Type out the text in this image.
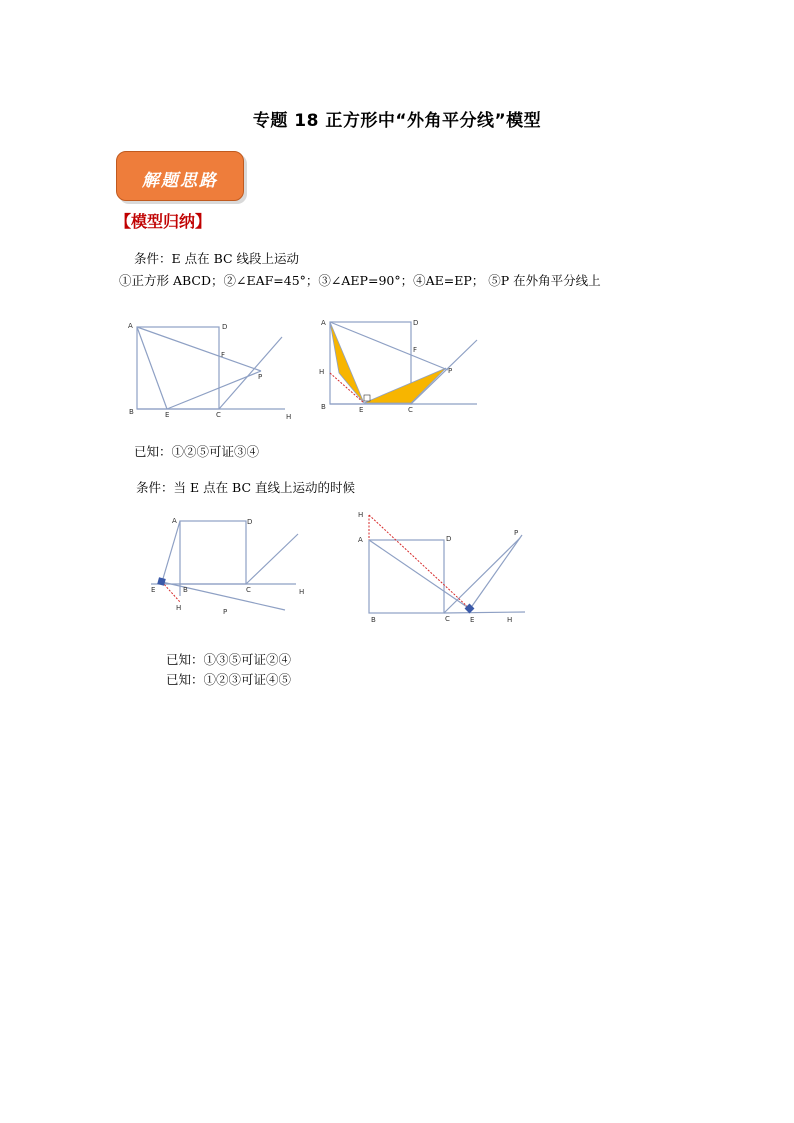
专题 18 正方形中“外角平分线”模型
解题思路
【模型归纳】
条件：E 点在 BC 线段上运动
①正方形 ABCD；②∠EAF=45°；③∠AEP=90°；④AE=EP； ⑤P 在外角平分线上
A	D
F
P
B	E	C	H
A	D
F
H	P
B	E	C
已知：①②⑤可证③④
条件：当 E 点在 BC 直线上运动的时候
A	D
E	B	C	H
H	P
H
A	D
P
B	C	E	H
已知：①③⑤可证②④
已知：①②③可证④⑤
